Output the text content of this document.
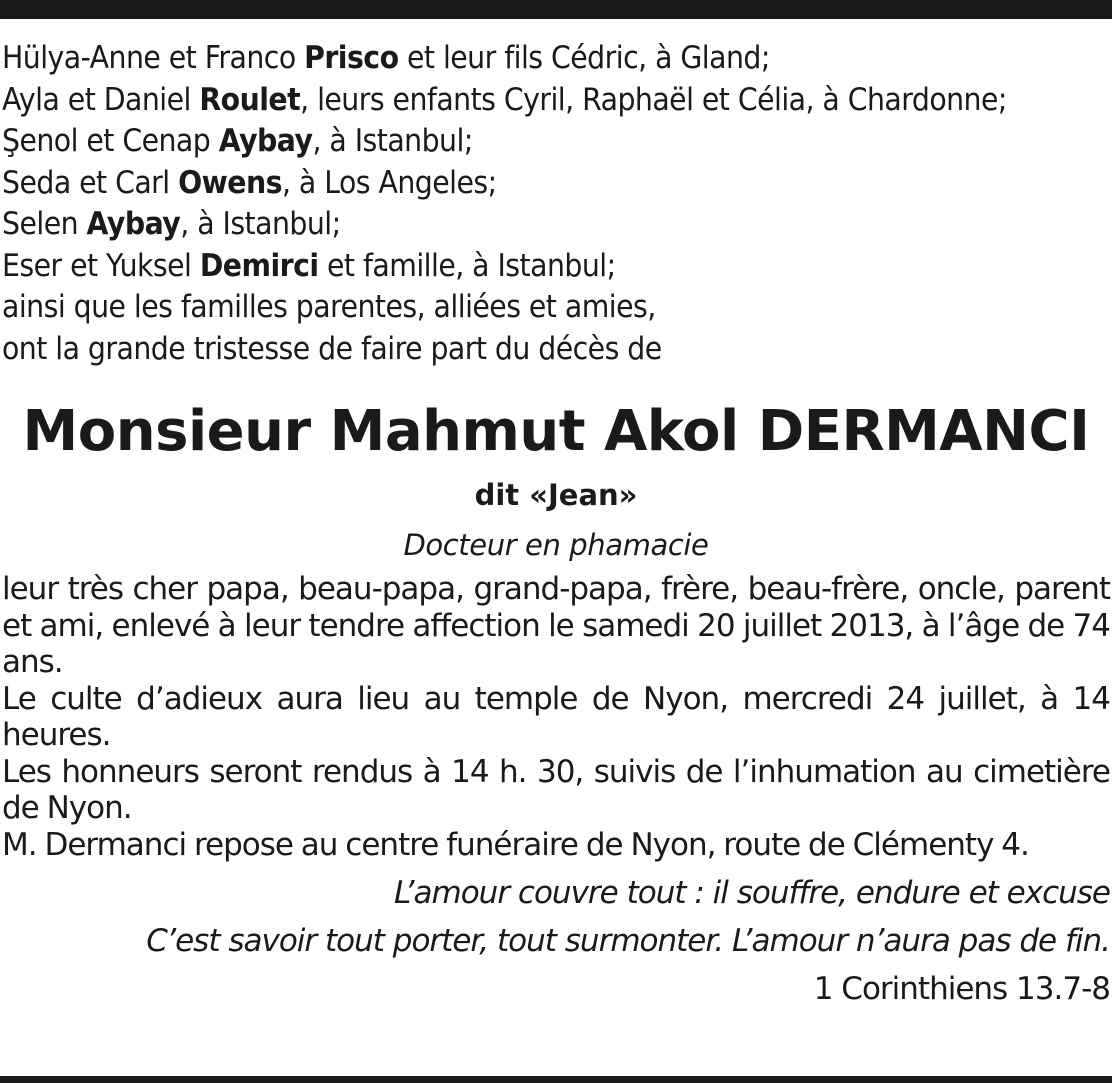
Hülya-Anne et Franco Prisco et leur fils Cédric, à Gland;
Ayla et Daniel Roulet, leurs enfants Cyril, Raphaël et Célia, à Chardonne;
Şenol et Cenap Aybay, à Istanbul;
Seda et Carl Owens, à Los Angeles;
Selen Aybay, à Istanbul;
Eser et Yuksel Demirci et famille, à Istanbul;
ainsi que les familles parentes, alliées et amies,
ont la grande tristesse de faire part du décès de
Monsieur Mahmut Akol DERMANCI
dit «Jean»
Docteur en phamacie

leur très cher papa, beau-papa, grand-papa, frère, beau-frère, oncle, parent et ami, enlevé à leur tendre affection le samedi 20 juillet 2013, à l’âge de 74 ans.

Le culte d’adieux aura lieu au temple de Nyon, mercredi 24 juillet, à 14 heures.

Les honneurs seront rendus à 14 h. 30, suivis de l’inhumation au cimetière de Nyon.

M. Dermanci repose au centre funéraire de Nyon, route de Clémenty 4.

L’amour couvre tout : il souffre, endure et excuse
C’est savoir tout porter, tout surmonter. L’amour n’aura pas de fin.
1 Corinthiens 13.7-8
